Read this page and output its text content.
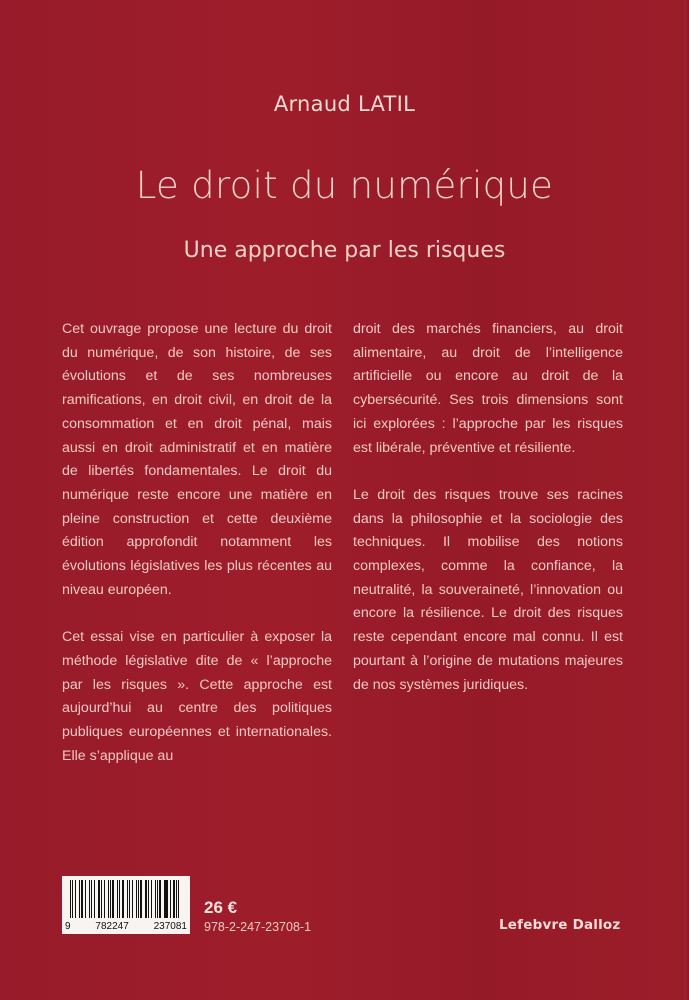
Arnaud LATIL
Le droit du numérique
Une approche par les risques

Cet ouvrage propose une lecture du droit du numérique, de son histoire, de ses évolutions et de ses nombreuses ramifications, en droit civil, en droit de la consommation et en droit pénal, mais aussi en droit administratif et en matière de libertés fondamentales. Le droit du numérique reste encore une matière en pleine construction et cette deuxième édition approfondit notamment les évolutions législatives les plus récentes au niveau européen.

Cet essai vise en particulier à exposer la méthode législative dite de « l’approche par les risques ». Cette approche est aujourd’hui au centre des politiques publiques européennes et internationales. Elle s’applique au

droit des marchés financiers, au droit alimentaire, au droit de l’intelligence artificielle ou encore au droit de la cybersécurité. Ses trois dimensions sont ici explorées : l’approche par les risques est libérale, préventive et résiliente.

Le droit des risques trouve ses racines dans la philosophie et la sociologie des techniques. Il mobilise des notions complexes, comme la confiance, la neutralité, la souveraineté, l’innovation ou encore la résilience. Le droit des risques reste cependant encore mal connu. Il est pourtant à l’origine de mutations majeures de nos systèmes juridiques.

9 782247 237081
26 €
978-2-247-23708-1	Lefebvre Dalloz
